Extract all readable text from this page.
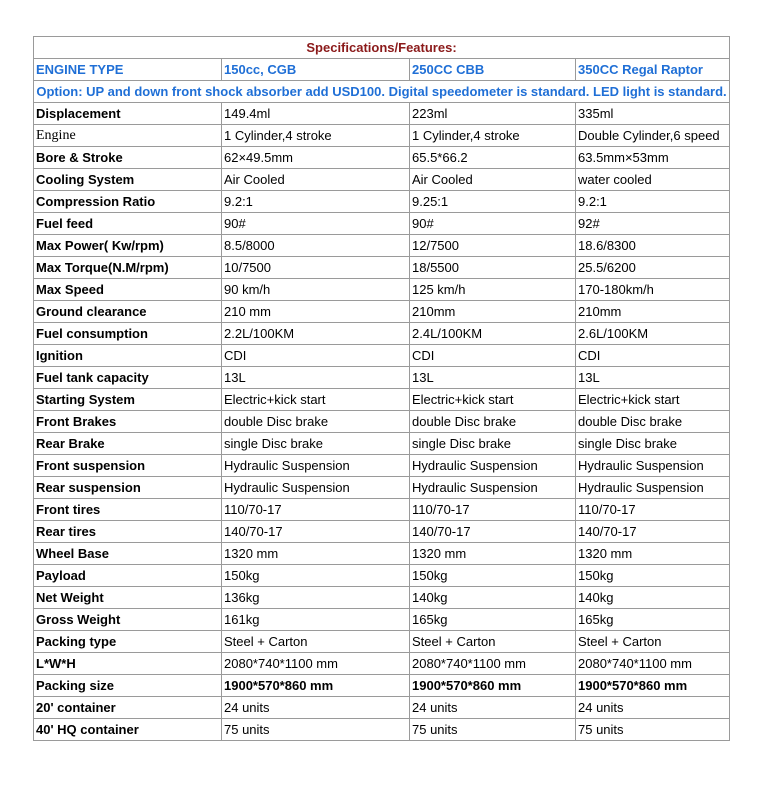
Specifications/Features:			
ENGINE TYPE	150cc, CGB	250CC CBB	350CC Regal Raptor
Option: UP and down front shock absorber add USD100. Digital speedometer is standard. LED light is standard.			
Displacement	149.4ml	223ml	335ml
Engine	1 Cylinder,4 stroke	1 Cylinder,4 stroke	Double Cylinder,6 speed
Bore & Stroke	62×49.5mm	65.5*66.2	63.5mm×53mm
Cooling System	Air Cooled	Air Cooled	water cooled
Compression Ratio	9.2:1	9.25:1	9.2:1
Fuel feed	90#	90#	92#
Max Power( Kw/rpm)	8.5/8000	12/7500	18.6/8300
Max Torque(N.M/rpm)	10/7500	18/5500	25.5/6200
Max Speed	90 km/h	125 km/h	170-180km/h
Ground clearance	210 mm	210mm	210mm
Fuel consumption	2.2L/100KM	2.4L/100KM	2.6L/100KM
Ignition	CDI	CDI	CDI
Fuel tank capacity	13L	13L	13L
Starting System	Electric+kick start	Electric+kick start	Electric+kick start
Front Brakes	double Disc brake	double Disc brake	double Disc brake
Rear Brake	single Disc brake	single Disc brake	single Disc brake
Front suspension	Hydraulic Suspension	Hydraulic Suspension	Hydraulic Suspension
Rear suspension	Hydraulic Suspension	Hydraulic Suspension	Hydraulic Suspension
Front tires	110/70-17	110/70-17	110/70-17
Rear tires	140/70-17	140/70-17	140/70-17
Wheel Base	1320 mm	1320 mm	1320 mm
Payload	150kg	150kg	150kg
Net Weight	136kg	140kg	140kg
Gross Weight	161kg	165kg	165kg
Packing type	Steel + Carton	Steel + Carton	Steel + Carton
L*W*H	2080*740*1100 mm	2080*740*1100 mm	2080*740*1100 mm
Packing size	1900*570*860 mm	1900*570*860 mm	1900*570*860 mm
20' container	24 units	24 units	24 units
40' HQ container	75 units	75 units	75 units
